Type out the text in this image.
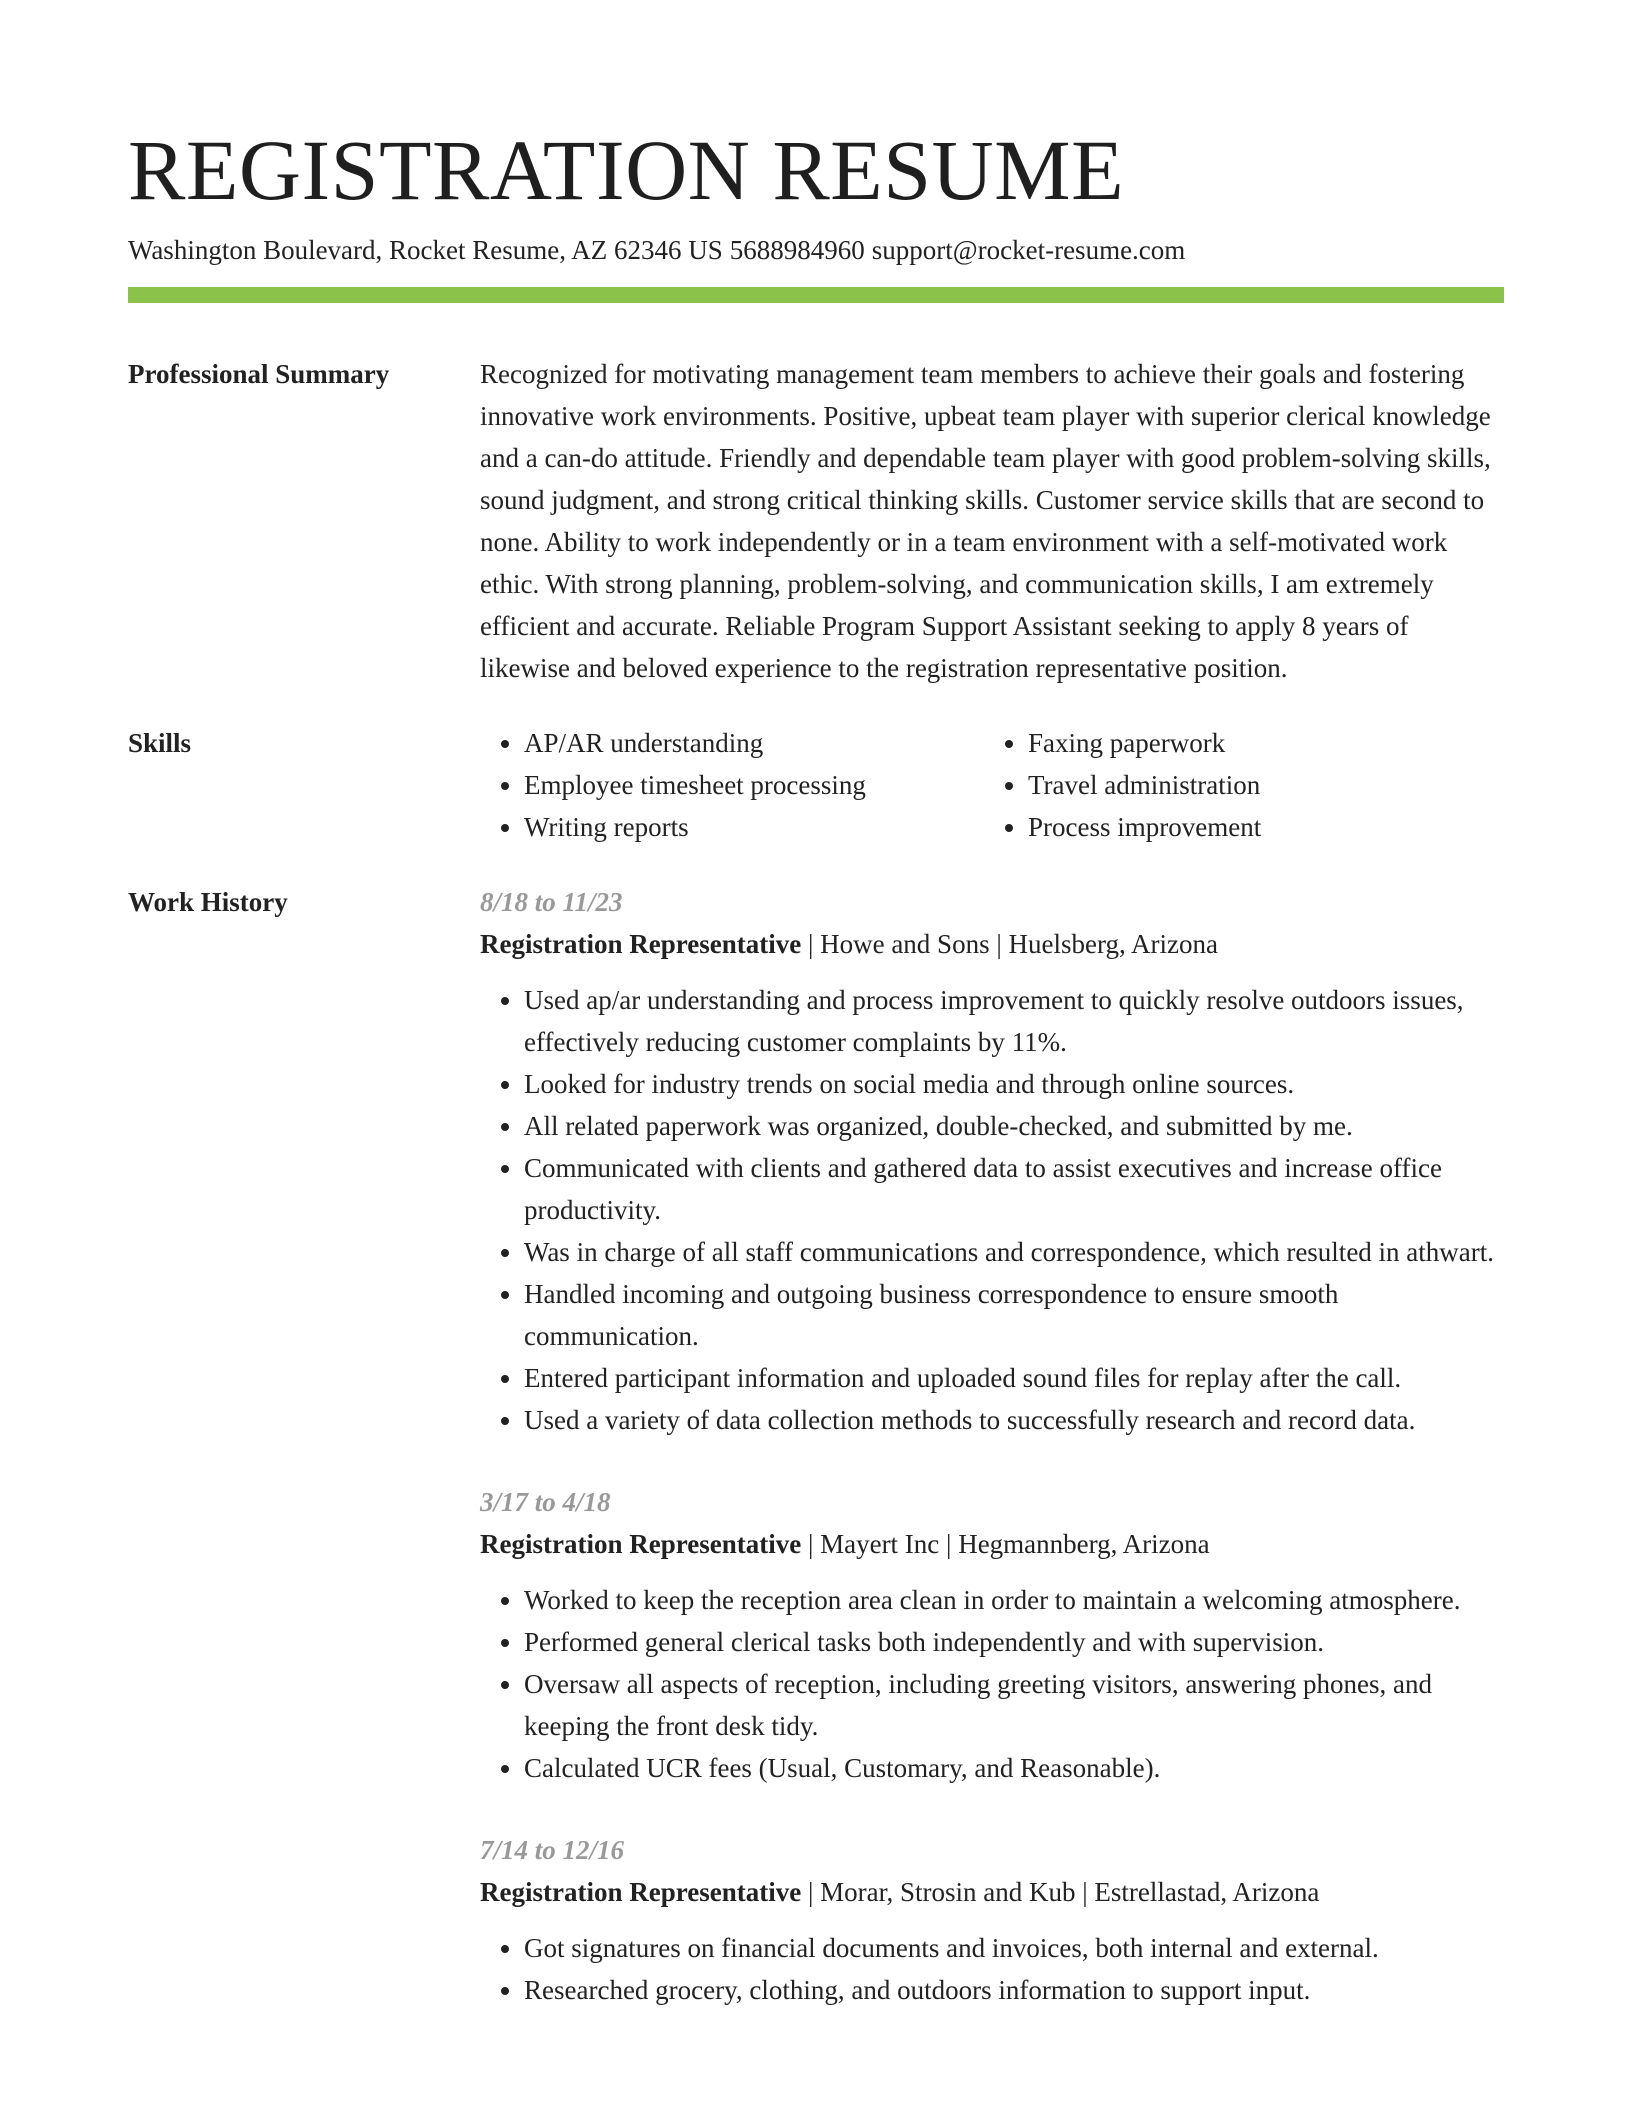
REGISTRATION RESUME
Washington Boulevard, Rocket Resume, AZ 62346 US 5688984960 support@rocket-resume.com
Professional Summary	Recognized for motivating management team members to achieve their goals and fostering innovative work environments. Positive, upbeat team player with superior clerical knowledge and a can-do attitude. Friendly and dependable team player with good problem-solving skills, sound judgment, and strong critical thinking skills. Customer service skills that are second to none. Ability to work independently or in a team environment with a self-motivated work ethic. With strong planning, problem-solving, and communication skills, I am extremely efficient and accurate. Reliable Program Support Assistant seeking to apply 8 years of likewise and beloved experience to the registration representative position.

Skills
•	AP/AR understanding
• Employee timesheet processing
• Writing reports
• Faxing paperwork
• Travel administration
• Process improvement
Work History	8/18 to 11/23
Registration Representative | Howe and Sons | Huelsberg, Arizona
• Used ap/ar understanding and process improvement to quickly resolve outdoors issues, effectively reducing customer complaints by 11%.
• Looked for industry trends on social media and through online sources.
• All related paperwork was organized, double-checked, and submitted by me.
• Communicated with clients and gathered data to assist executives and increase office productivity.
• Was in charge of all staff communications and correspondence, which resulted in athwart.
• Handled incoming and outgoing business correspondence to ensure smooth communication.
• Entered participant information and uploaded sound files for replay after the call.
• Used a variety of data collection methods to successfully research and record data.
3/17 to 4/18
Registration Representative | Mayert Inc | Hegmannberg, Arizona
• Worked to keep the reception area clean in order to maintain a welcoming atmosphere.
• Performed general clerical tasks both independently and with supervision.
• Oversaw all aspects of reception, including greeting visitors, answering phones, and keeping the front desk tidy.
• Calculated UCR fees (Usual, Customary, and Reasonable).
7/14 to 12/16
Registration Representative | Morar, Strosin and Kub | Estrellastad, Arizona
• Got signatures on financial documents and invoices, both internal and external.
• Researched grocery, clothing, and outdoors information to support input.
